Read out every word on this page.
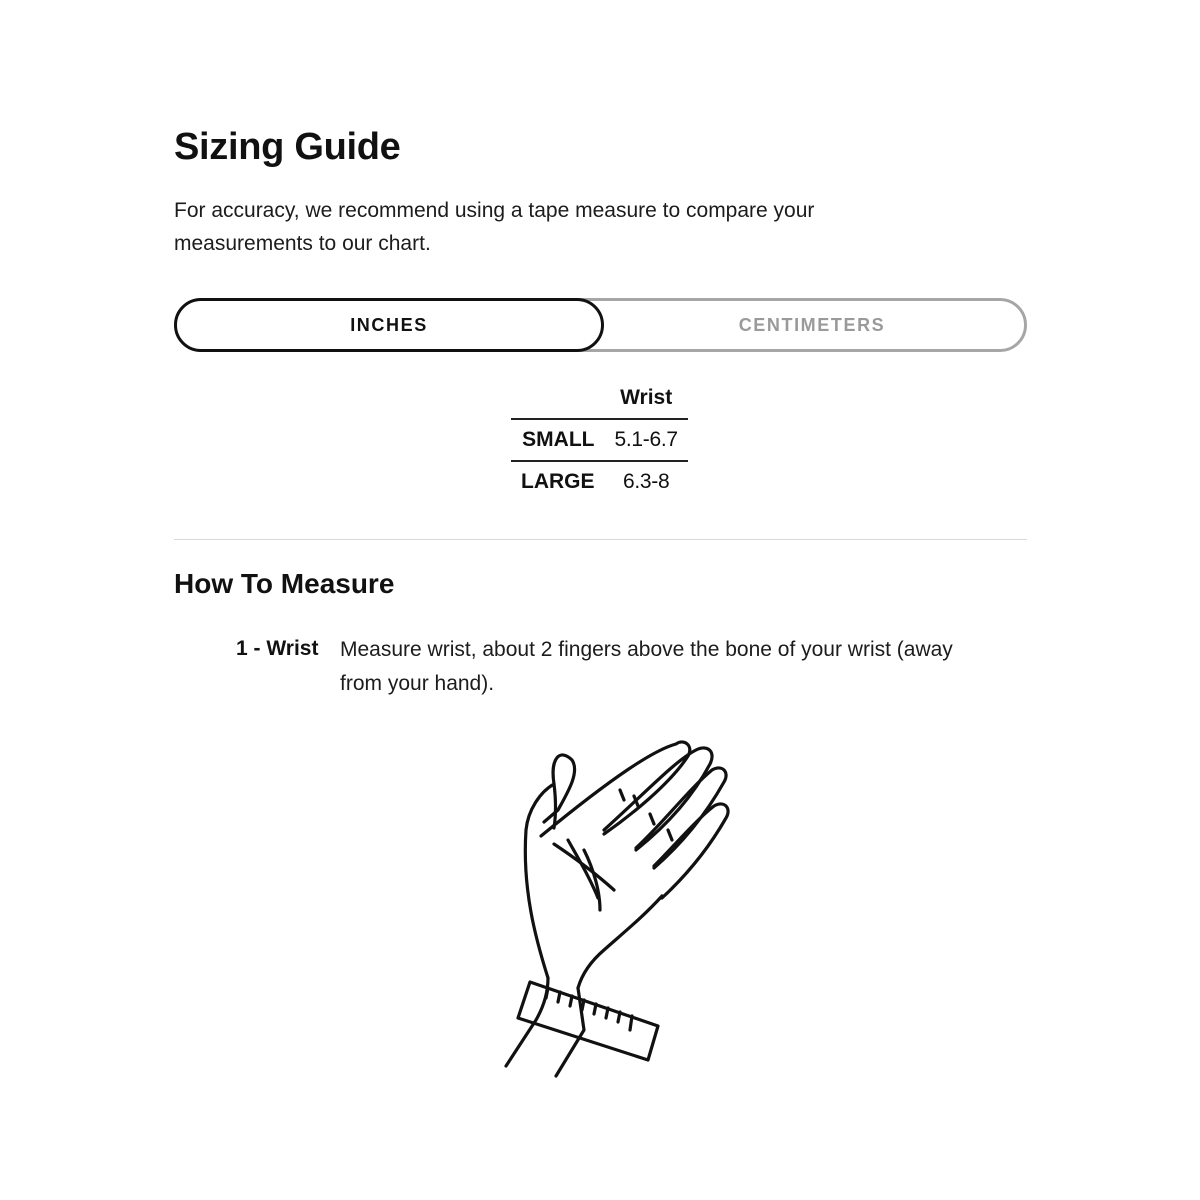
Sizing Guide

For accuracy, we recommend using a tape measure to compare your measurements to our chart.

INCHES	CENTIMETERS
	Wrist
SMALL	5.1-6.7
LARGE	6.3-8
How To Measure
1 - Wrist Measure wrist, about 2 fingers above the bone of your wrist (away from your hand).
